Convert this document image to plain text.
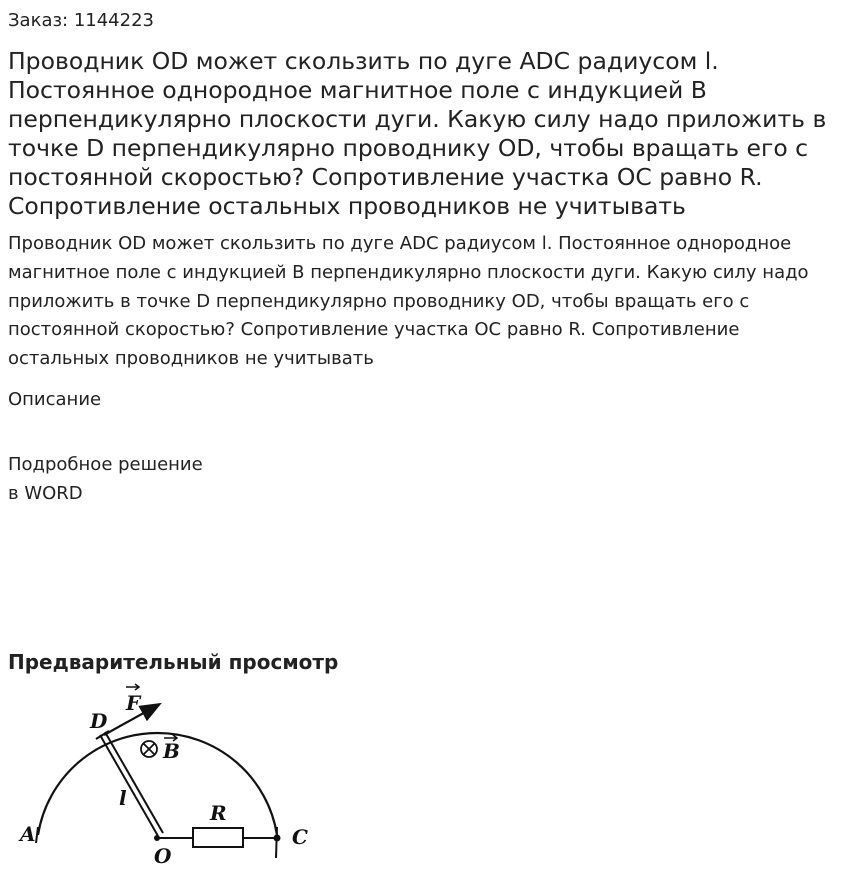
Заказ: 1144223
Проводник OD может скользить по дуге ADC радиусом l. Постоянное однородное магнитное поле с индукцией B перпендикулярно плоскости дуги. Какую силу надо приложить в точке D перпендикулярно проводнику OD, чтобы вращать его с постоянной скоростью? Сопротивление участка OC равно R. Сопротивление остальных проводников не учитывать

Проводник OD может скользить по дуге ADC радиусом l. Постоянное однородное магнитное поле с индукцией B перпендикулярно плоскости дуги. Какую силу надо приложить в точке D перпендикулярно проводнику OD, чтобы вращать его с постоянной скоростью? Сопротивление участка OC равно R. Сопротивление остальных проводников не учитывать

Описание
Подробное решение
в WORD
Предварительный просмотр
D
F
B
l
R
A	C
O
